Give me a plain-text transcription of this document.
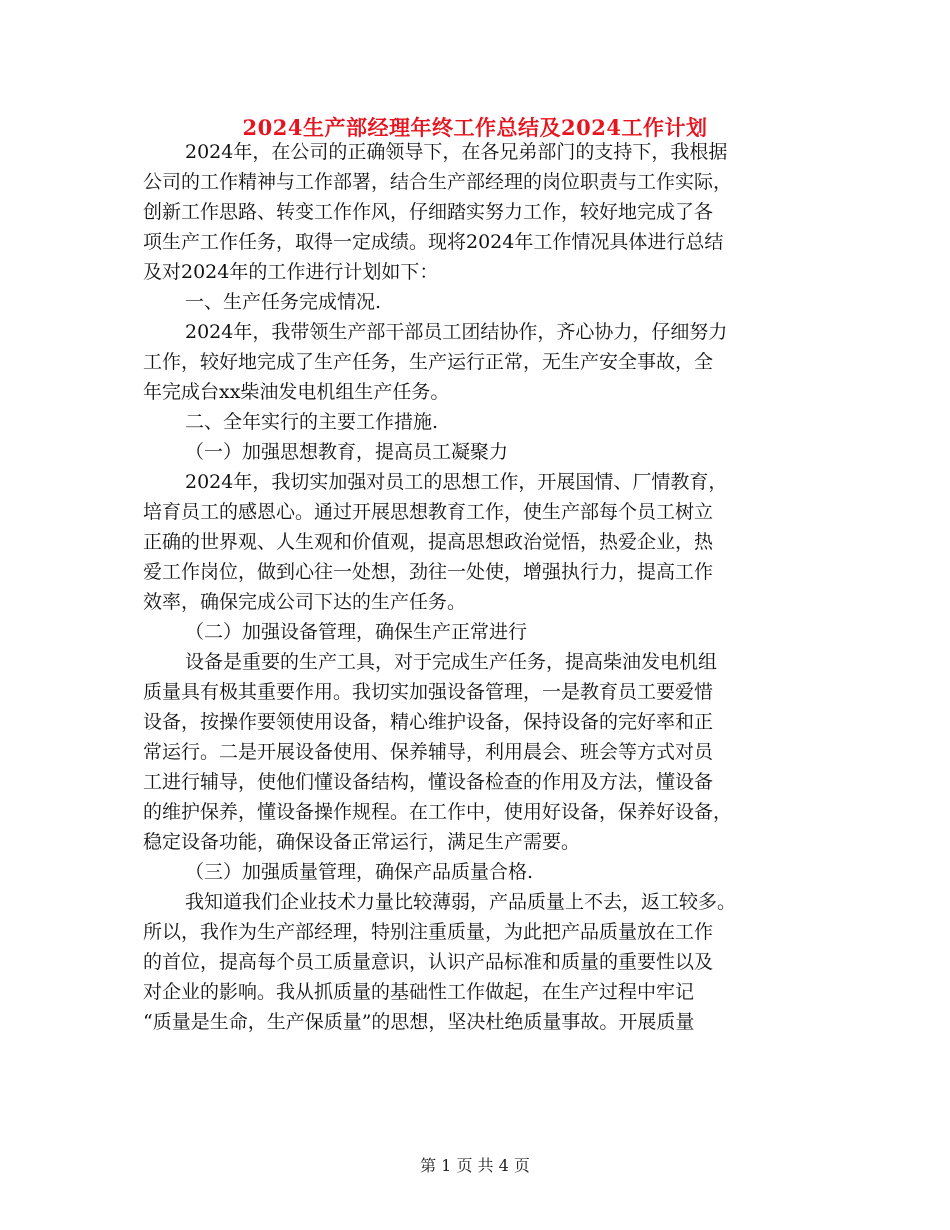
2024生产部经理年终工作总结及2024工作计划
2024年，在公司的正确领导下，在各兄弟部门的支持下，我根据
公司的工作精神与工作部署，结合生产部经理的岗位职责与工作实际，
创新工作思路、转变工作作风，仔细踏实努力工作，较好地完成了各
项生产工作任务，取得一定成绩。现将2024年工作情况具体进行总结
及对2024年的工作进行计划如下：
一、生产任务完成情况.
2024年，我带领生产部干部员工团结协作，齐心协力，仔细努力
工作，较好地完成了生产任务，生产运行正常，无生产安全事故，全
年完成台xx柴油发电机组生产任务。
二、全年实行的主要工作措施.
（一）加强思想教育，提高员工凝聚力
2024年，我切实加强对员工的思想工作，开展国情、厂情教育，
培育员工的感恩心。通过开展思想教育工作，使生产部每个员工树立
正确的世界观、人生观和价值观，提高思想政治觉悟，热爱企业，热
爱工作岗位，做到心往一处想，劲往一处使，增强执行力，提高工作
效率，确保完成公司下达的生产任务。
（二）加强设备管理，确保生产正常进行
设备是重要的生产工具，对于完成生产任务，提高柴油发电机组
质量具有极其重要作用。我切实加强设备管理，一是教育员工要爱惜
设备，按操作要领使用设备，精心维护设备，保持设备的完好率和正
常运行。二是开展设备使用、保养辅导，利用晨会、班会等方式对员
工进行辅导，使他们懂设备结构，懂设备检查的作用及方法，懂设备
的维护保养，懂设备操作规程。在工作中，使用好设备，保养好设备，
稳定设备功能，确保设备正常运行，满足生产需要。
（三）加强质量管理，确保产品质量合格.
我知道我们企业技术力量比较薄弱，产品质量上不去，返工较多。
所以，我作为生产部经理，特别注重质量，为此把产品质量放在工作
的首位，提高每个员工质量意识，认识产品标准和质量的重要性以及
对企业的影响。我从抓质量的基础性工作做起，在生产过程中牢记
“质量是生命，生产保质量”的思想，坚决杜绝质量事故。开展质量
第 1 页 共 4 页
